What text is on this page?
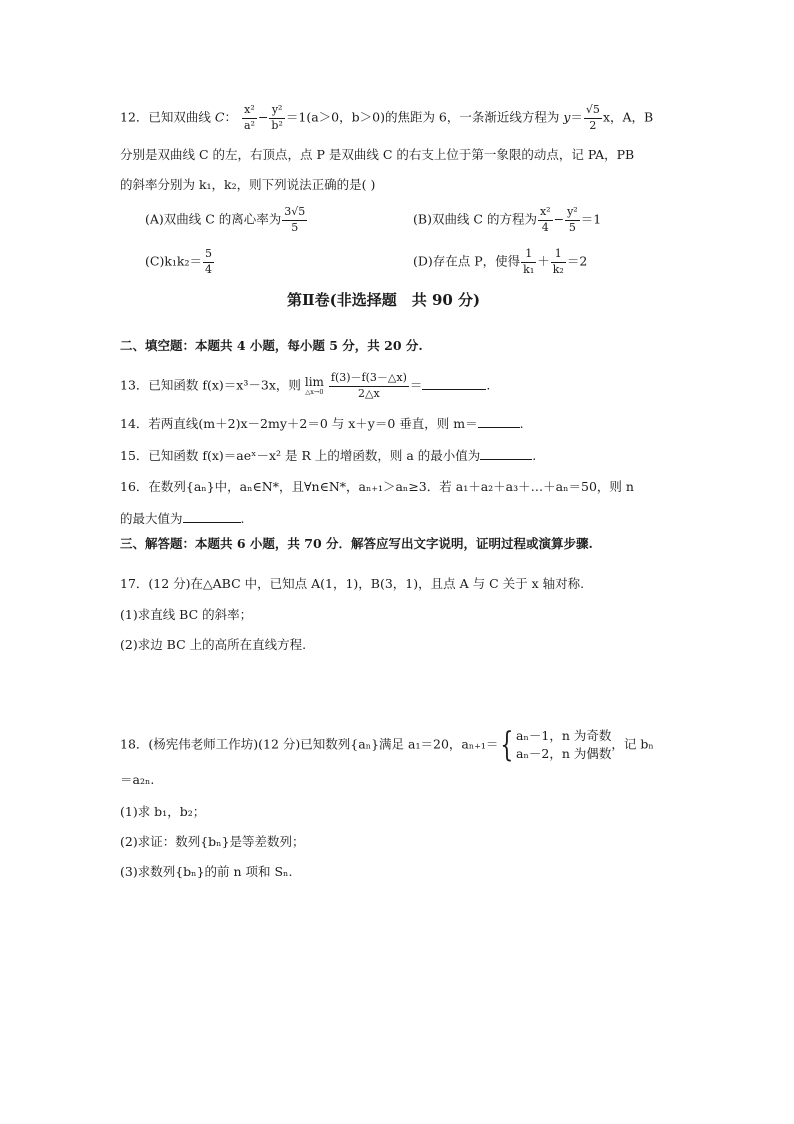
12．已知双曲线 C： $\frac{\text{x²}}{\text{a²}} - \frac{\text{y²}}{\text{b²}} =1(a>0$，b＞0)的焦距为 6，一条渐近线方程为 $y= \frac{√5}{2}$ x，A，B
分别是双曲线 C 的左，右顶点，点 P 是双曲线 C 的右支上位于第一象限的动点，记 PA，PB
的斜率分别为 k₁，k₂，则下列说法正确的是( )
(A)双曲线 C 的离心率为 $\frac{3√5}{5}$	(B)双曲线 C 的方程为 $\frac{\text{x²}}{4} - \frac{\text{y²}}{5} =1$
$(C)k_1k_2= \frac{5}{4}$	(D)存在点 P，使得 $\frac{1}{\text{k₁}} + \frac{1}{\text{k₂}} =2$
第Ⅱ卷(非选择题　共 90 分)
二、填空题：本题共 4 小题，每小题 5 分，共 20 分.
13．已知函数 f(x)＝x³－3x，则 lim
△x→0
$\frac{f(3)-f(3-\triangle x)}{2\triangle x}$ ＝	.
14．若两直线(m＋2)x－2my＋2＝0 与 x＋y＝0 垂直，则 m＝	.
15．已知函数 f(x)＝aeˣ－x² 是 R 上的增函数，则 a 的最小值为	.
16．在数列{aₙ}中，aₙ∈N*，且∀n∈N*，aₙ₊₁＞aₙ≥3．若 a₁＋a₂＋a₃＋…＋aₙ＝50，则 n
的最大值为	.
三、解答题：本题共 6 小题，共 70 分．解答应写出文字说明，证明过程或演算步骤.
17．(12 分)在△ABC 中，已知点 A(1，1)，B(3，1)，且点 A 与 C 关于 x 轴对称.
(1)求直线 BC 的斜率；
(2)求边 BC 上的高所在直线方程.
18．(杨宪伟老师工作坊)(12 分)已知数列{aₙ}满足 a₁＝20，aₙ₊₁＝{ aₙ－1，n 为奇数
aₙ－2，n 为偶数
，记 bₙ
＝a₂ₙ.
(1)求 b₁，b₂；
(2)求证：数列{bₙ}是等差数列；
(3)求数列{bₙ}的前 n 项和 Sₙ.
